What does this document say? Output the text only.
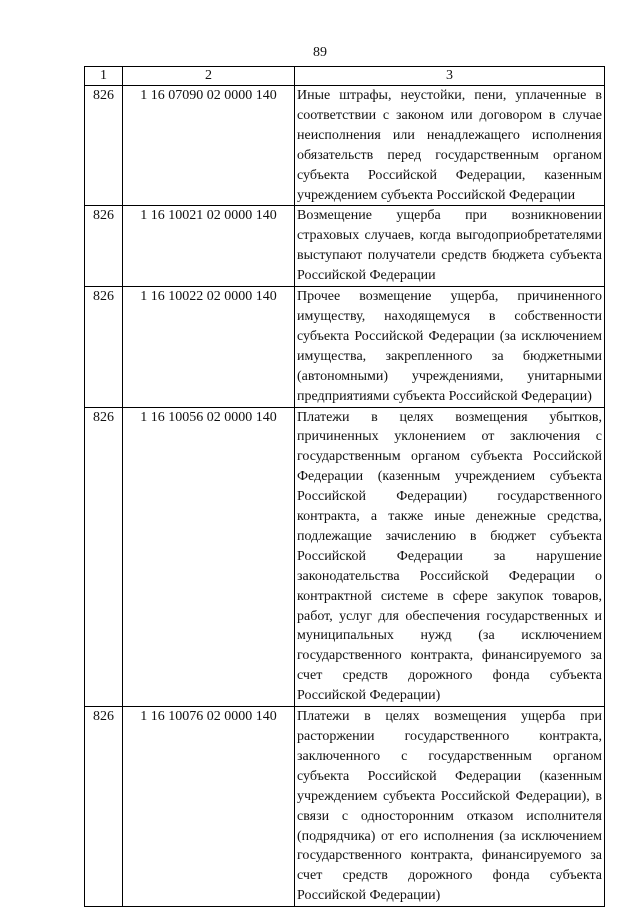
89
1	2	3
826	1 16 07090 02 0000 140	Иные штрафы, неустойки, пени, уплаченные в соответствии с законом или договором в случае неисполнения или ненадлежащего исполнения обязательств перед государственным органом субъекта Российской Федерации, казенным учреждением субъекта Российской Федерации
826	1 16 10021 02 0000 140	Возмещение ущерба при возникновении страховых случаев, когда выгодоприобретателями выступают получатели средств бюджета субъекта Российской Федерации
826	1 16 10022 02 0000 140	Прочее возмещение ущерба, причиненного имуществу, находящемуся в собственности субъекта Российской Федерации (за исключением имущества, закрепленного за бюджетными (автономными) учреждениями, унитарными предприятиями субъекта Российской Федерации)
826	1 16 10056 02 0000 140	Платежи в целях возмещения убытков, причиненных уклонением от заключения с государственным органом субъекта Российской Федерации (казенным учреждением субъекта Российской Федерации) государственного контракта, а также иные денежные средства, подлежащие зачислению в бюджет субъекта Российской Федерации за нарушение законодательства Российской Федерации о контрактной системе в сфере закупок товаров, работ, услуг для обеспечения государственных и муниципальных нужд (за исключением государственного контракта, финансируемого за счет средств дорожного фонда субъекта Российской Федерации)
826	1 16 10076 02 0000 140	Платежи в целях возмещения ущерба при расторжении государственного контракта, заключенного с государственным органом субъекта Российской Федерации (казенным учреждением субъекта Российской Федерации), в связи с односторонним отказом исполнителя (подрядчика) от его исполнения (за исключением государственного контракта, финансируемого за счет средств дорожного фонда субъекта Российской Федерации)
